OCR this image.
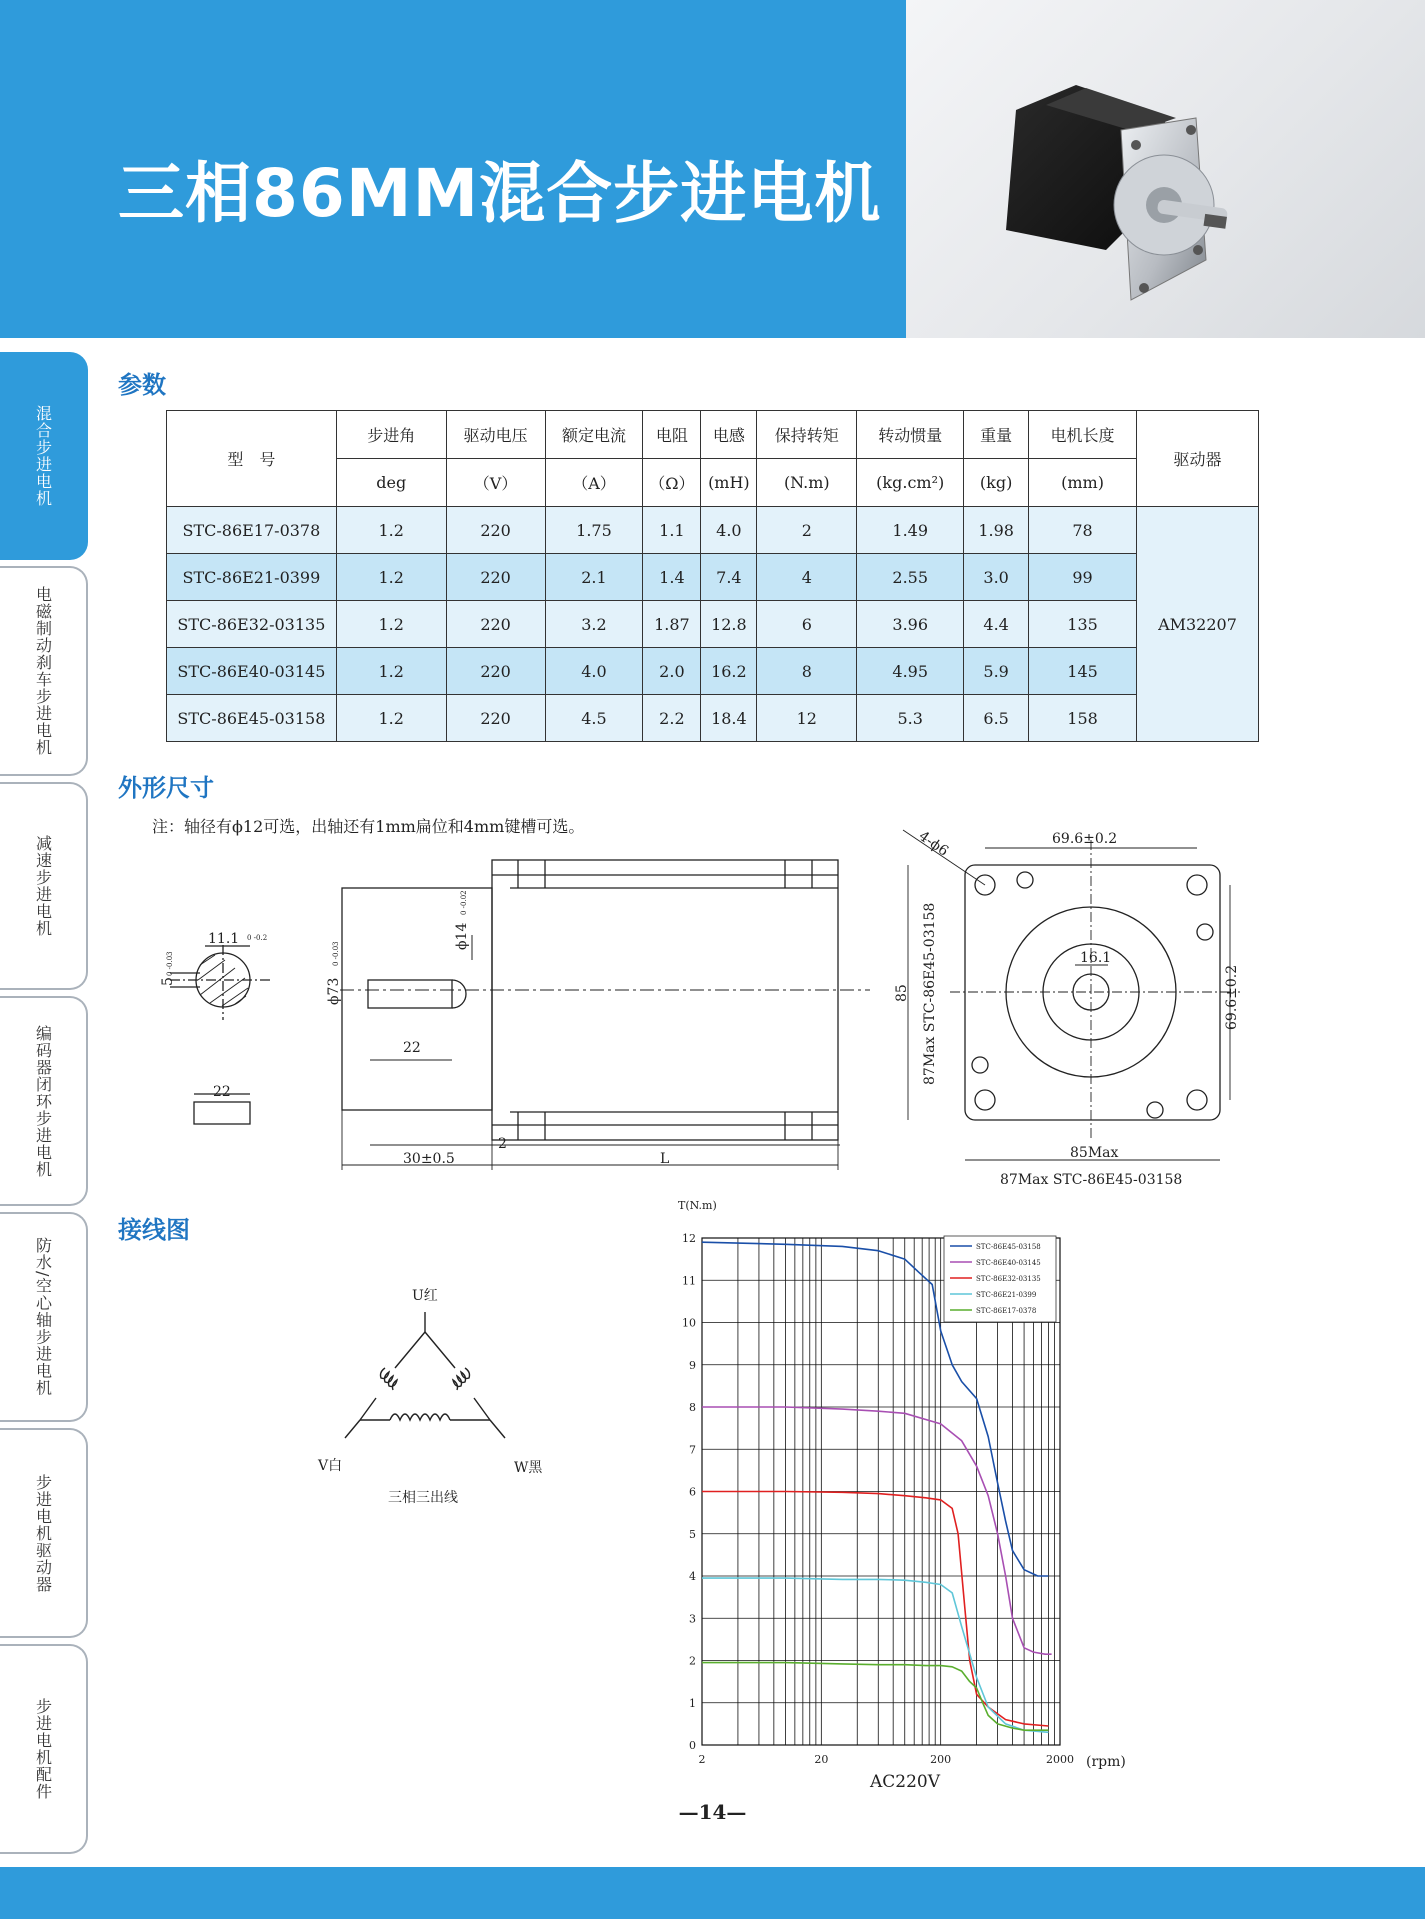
三相86MM混合步进电机
混合步进电机
电磁制动刹车步进电机
减速步进电机
编码器闭环步进电机
防水/空心轴步进电机
步进电机驱动器
步进电机配件
参数
外形尺寸
接线图
型　号	步进角	驱动电压	额定电流	电阻	电感	保持转矩	转动惯量	重量	电机长度	驱动器
	deg	（V）	（A）	（Ω）	(mH)	(N.m)	(kg.cm²)	(kg)	(mm)	
STC-86E17-0378	1.2	220	1.75	1.1	4.0	2	1.49	1.98	78	AM32207
STC-86E21-0399	1.2	220	2.1	1.4	7.4	4	2.55	3.0	99	
STC-86E32-03135	1.2	220	3.2	1.87	12.8	6	3.96	4.4	135	
STC-86E40-03145	1.2	220	4.0	2.0	16.2	8	4.95	5.9	145	
STC-86E45-03158	1.2	220	4.5	2.2	18.4	12	5.3	6.5	158	
注：轴径有ϕ12可选，出轴还有1mm扁位和4mm键槽可选。
11.1 0 -0.2
5
0 -0.03
22
ϕ73
0 -0.03
ϕ14
0 -0.02
22
30±0.5
2
L
4-ϕ6	69.6±0.2
69.6±0.2
16.1
85 87Max STC-86E45-03158
85Max
87Max STC-86E45-03158
U红
V白	W黑
三相三出线
0
1
2
3
4
5
6
7
8
9
10
11
12
2	20	200	2000
STC-86E45-03158
STC-86E40-03145
STC-86E32-03135
STC-86E21-0399
STC-86E17-0378
T(N.m)
(rpm)
AC220V
—14—
